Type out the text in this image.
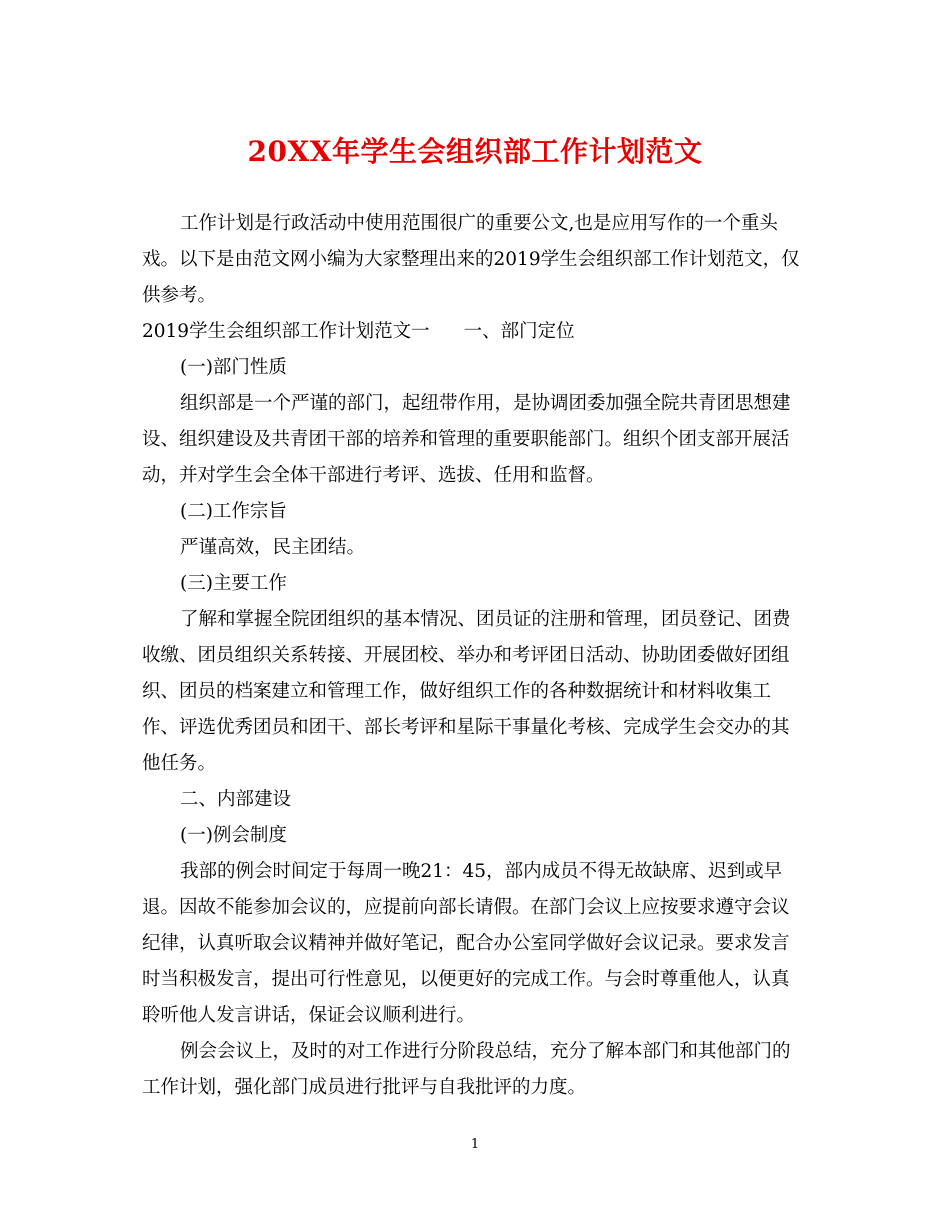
20XX年学生会组织部工作计划范文

工作计划是行政活动中使用范围很广的重要公文,也是应用写作的一个重头戏。以下是由范文网小编为大家整理出来的2019学生会组织部工作计划范文，仅供参考。

2019学生会组织部工作计划范文一 一、部门定位

(一)部门性质

组织部是一个严谨的部门，起纽带作用，是协调团委加强全院共青团思想建设、组织建设及共青团干部的培养和管理的重要职能部门。组织个团支部开展活动，并对学生会全体干部进行考评、选拔、任用和监督。

(二)工作宗旨

严谨高效，民主团结。

(三)主要工作

了解和掌握全院团组织的基本情况、团员证的注册和管理，团员登记、团费收缴、团员组织关系转接、开展团校、举办和考评团日活动、协助团委做好团组织、团员的档案建立和管理工作，做好组织工作的各种数据统计和材料收集工作、评选优秀团员和团干、部长考评和星际干事量化考核、完成学生会交办的其他任务。

二、内部建设

(一)例会制度

我部的例会时间定于每周一晚21：45，部内成员不得无故缺席、迟到或早退。因故不能参加会议的，应提前向部长请假。在部门会议上应按要求遵守会议纪律，认真听取会议精神并做好笔记，配合办公室同学做好会议记录。要求发言时当积极发言，提出可行性意见，以便更好的完成工作。与会时尊重他人，认真聆听他人发言讲话，保证会议顺利进行。

例会会议上，及时的对工作进行分阶段总结，充分了解本部门和其他部门的工作计划，强化部门成员进行批评与自我批评的力度。

1
